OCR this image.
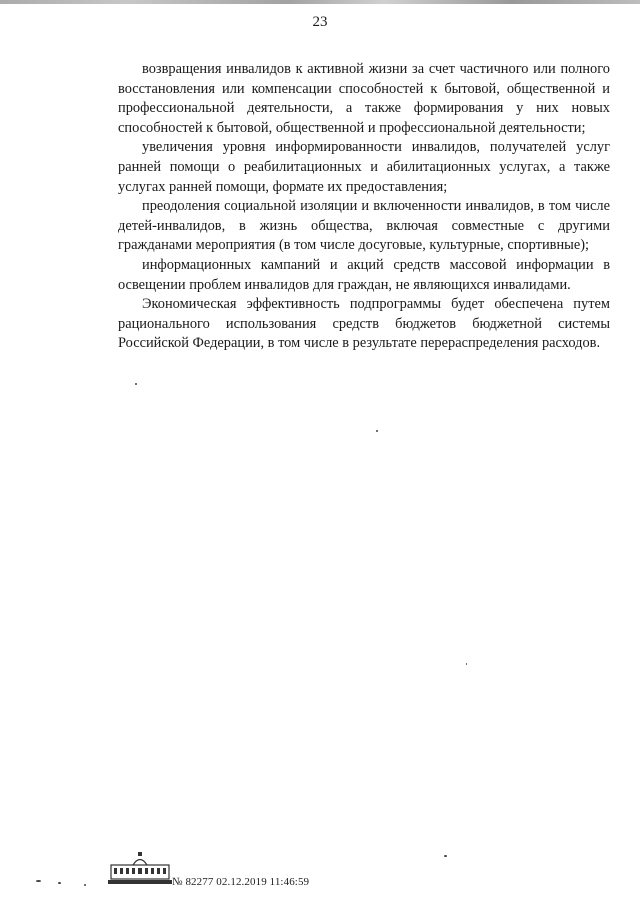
23

возвращения инвалидов к активной жизни за счет частичного или полного восстановления или компенсации способностей к бытовой, общественной и профессиональной деятельности, а также формирования у них новых способностей к бытовой, общественной и профессиональной деятельности;

увеличения уровня информированности инвалидов, получателей услуг ранней помощи о реабилитационных и абилитационных услугах, а также услугах ранней помощи, формате их предоставления;

преодоления социальной изоляции и включенности инвалидов, в том числе детей-инвалидов, в жизнь общества, включая совместные с другими гражданами мероприятия (в том числе досуговые, культурные, спортивные);

информационных кампаний и акций средств массовой информации в освещении проблем инвалидов для граждан, не являющихся инвалидами.

Экономическая эффективность подпрограммы будет обеспечена путем рационального использования средств бюджетов бюджетной системы Российской Федерации, в том числе в результате перераспределения расходов.

№ 82277 02.12.2019 11:46:59
